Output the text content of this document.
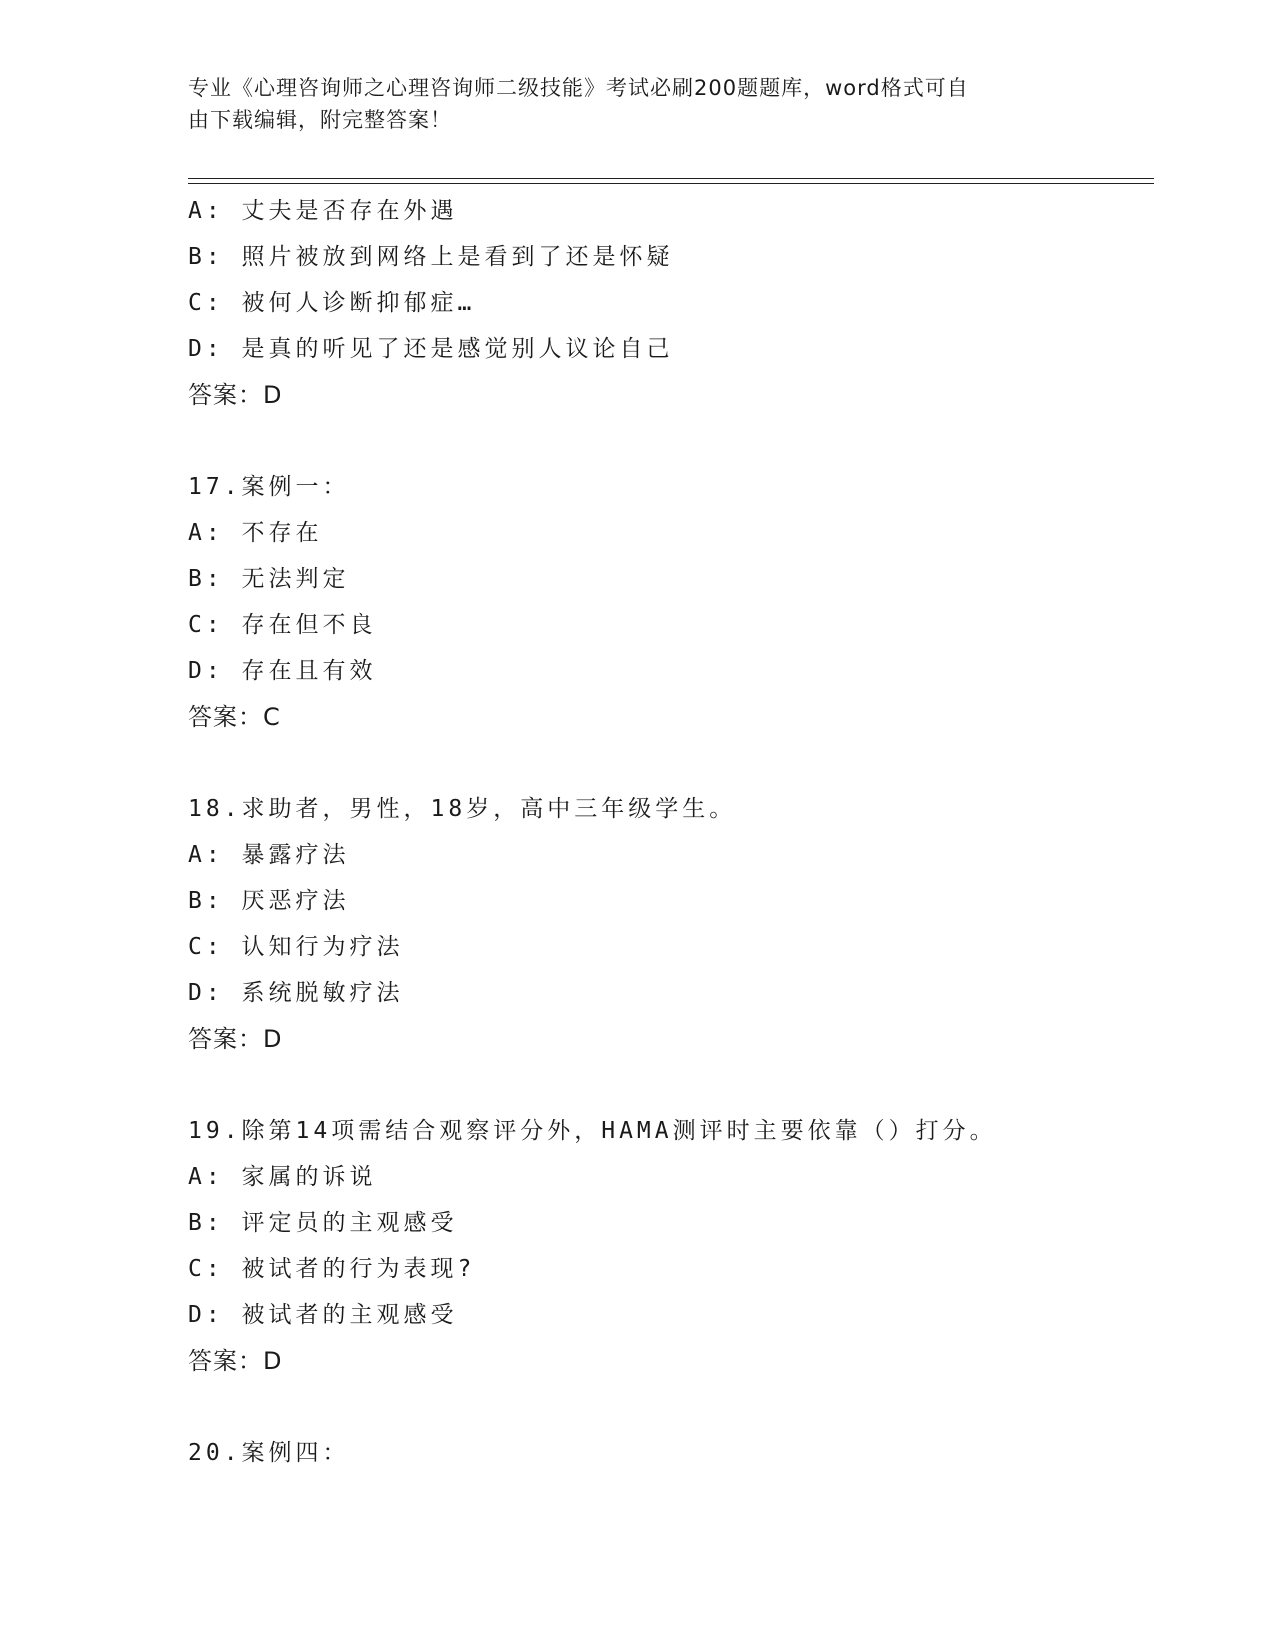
专业《心理咨询师之心理咨询师二级技能》考试必刷200题题库，word格式可自
由下载编辑，附完整答案！
A: 丈夫是否存在外遇
B: 照片被放到网络上是看到了还是怀疑
C: 被何人诊断抑郁症…
D: 是真的听见了还是感觉别人议论自己
答案：D
17.案例一：
A: 不存在
B: 无法判定
C: 存在但不良
D: 存在且有效
答案：C
18.求助者，男性，18岁，高中三年级学生。
A: 暴露疗法
B: 厌恶疗法
C: 认知行为疗法
D: 系统脱敏疗法
答案：D
19.除第14项需结合观察评分外，HAMA测评时主要依靠（）打分。
A: 家属的诉说
B: 评定员的主观感受
C: 被试者的行为表现?
D: 被试者的主观感受
答案：D
20.案例四：
